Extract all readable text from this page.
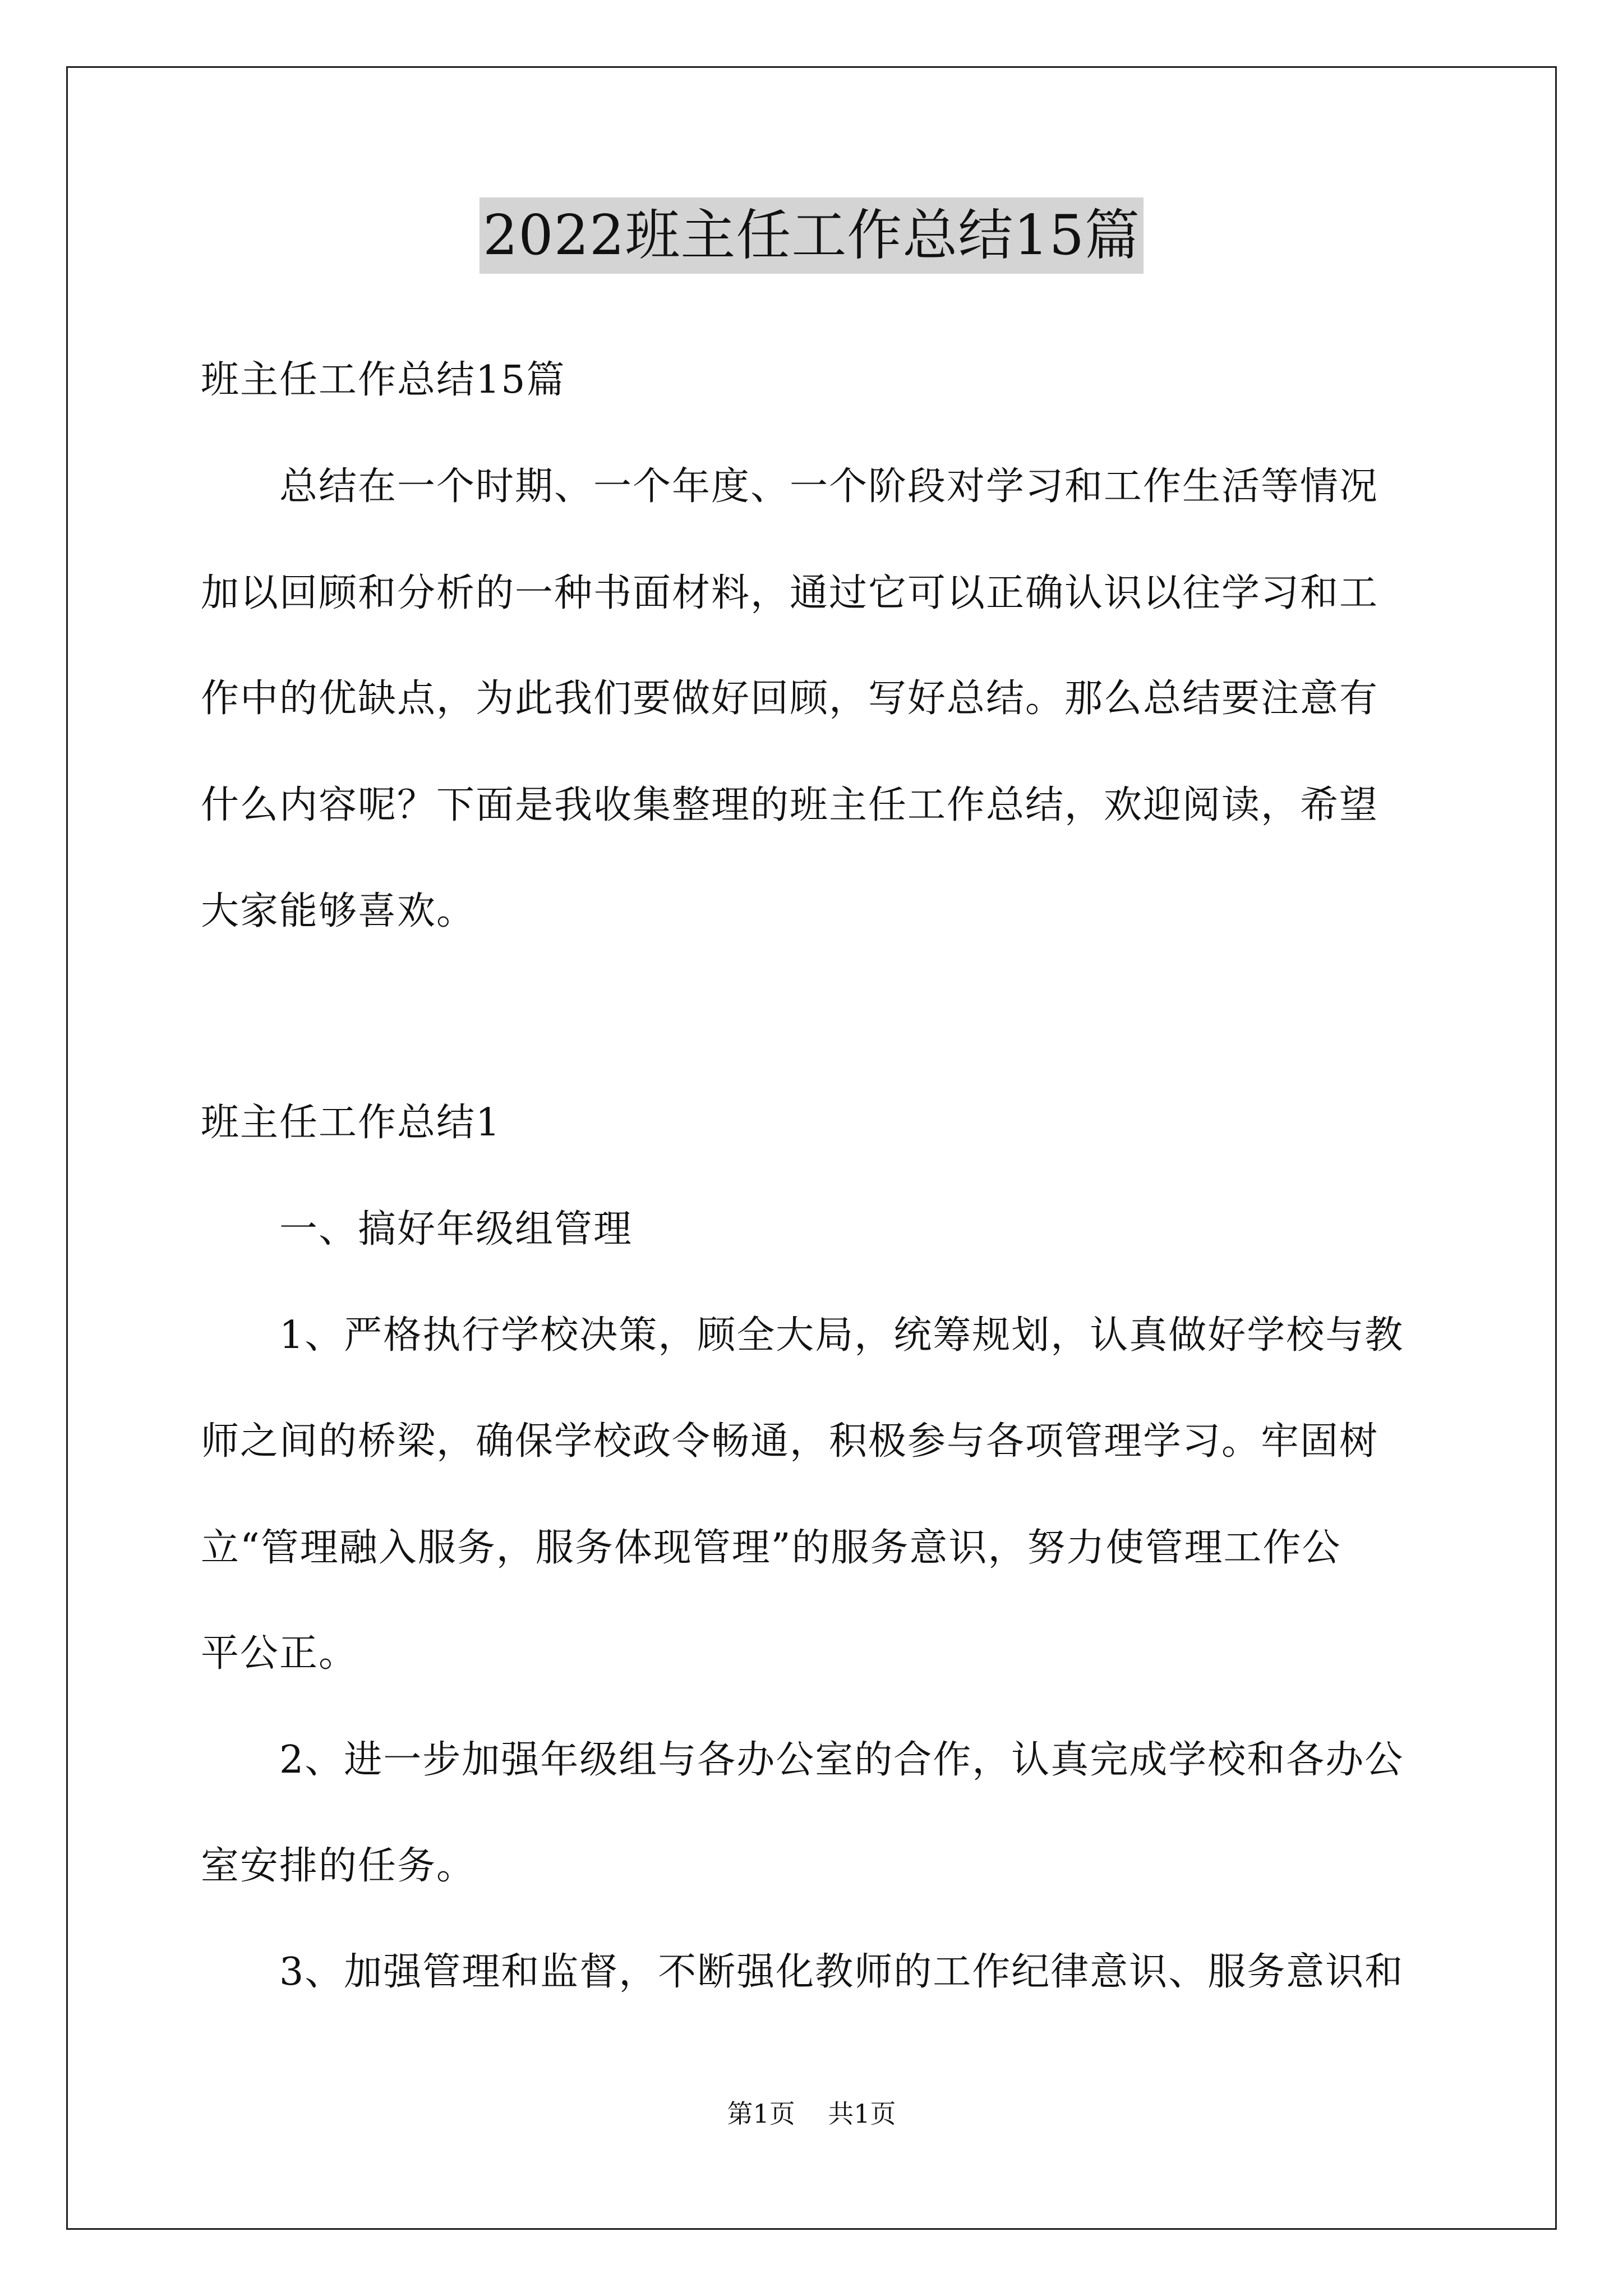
2022班主任工作总结15篇
班主任工作总结15篇
总结在一个时期、一个年度、一个阶段对学习和工作生活等情况
加以回顾和分析的一种书面材料，通过它可以正确认识以往学习和工
作中的优缺点，为此我们要做好回顾，写好总结。那么总结要注意有
什么内容呢？下面是我收集整理的班主任工作总结，欢迎阅读，希望
大家能够喜欢。
班主任工作总结1
一、搞好年级组管理
1、严格执行学校决策，顾全大局，统筹规划，认真做好学校与教
师之间的桥梁，确保学校政令畅通，积极参与各项管理学习。牢固树
立“管理融入服务，服务体现管理”的服务意识，努力使管理工作公
平公正。
2、进一步加强年级组与各办公室的合作，认真完成学校和各办公
室安排的任务。
3、加强管理和监督，不断强化教师的工作纪律意识、服务意识和
第1页    共1页
